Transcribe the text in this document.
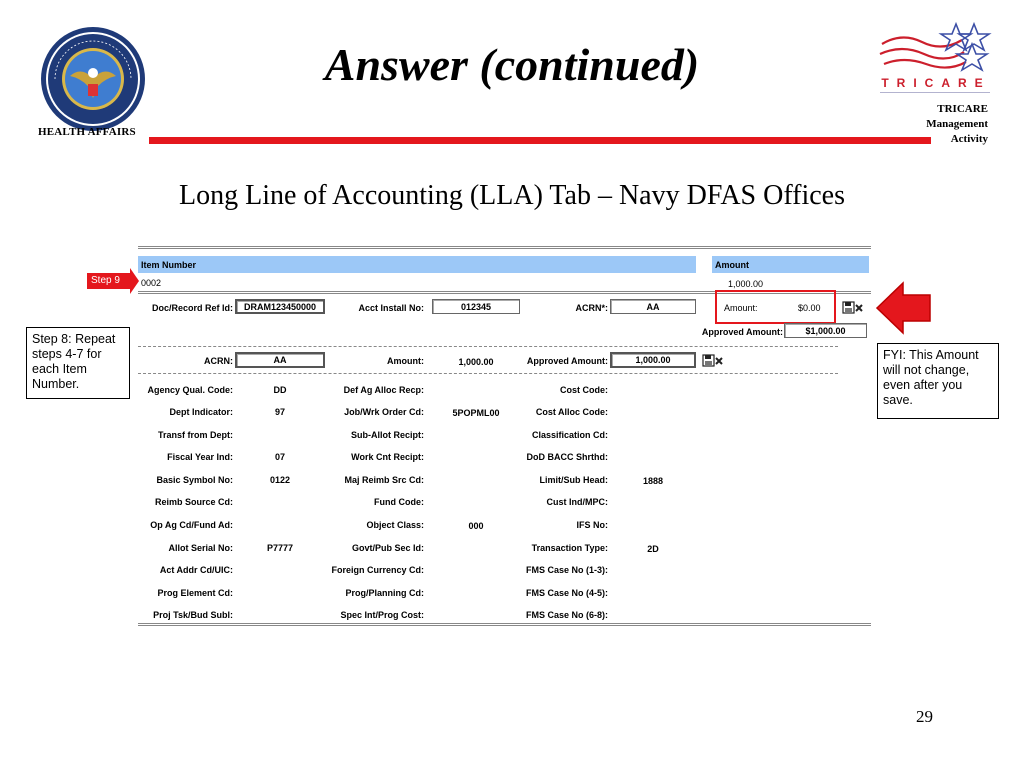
HEALTH AFFAIRS
Answer (continued)	TRICARE
TRICARE
Management
Activity
Long Line of Accounting (LLA) Tab – Navy DFAS Offices
Item Number	Amount
0002	1,000.00
Doc/Record Ref Id:	DRAM123450000	Acct Install No:	012345	ACRN*:	AA	Amount:	$0.00
Approved Amount:	$1,000.00
ACRN:	AA	Amount:	1,000.00	Approved Amount:	1,000.00
Agency Qual. Code:	DD	Def Ag Alloc Recp:	Cost Code:
Dept Indicator:	97	Job/Wrk Order Cd:	5POPML00	Cost Alloc Code:
Transf from Dept:	Sub-Allot Recipt:	Classification Cd:
Fiscal Year Ind:	07	Work Cnt Recipt:	DoD BACC Shrthd:
Basic Symbol No:	0122	Maj Reimb Src Cd:	Limit/Sub Head:	1888
Reimb Source Cd:	Fund Code:	Cust Ind/MPC:
Op Ag Cd/Fund Ad:	Object Class:	000	IFS No:
Allot Serial No:	P7777	Govt/Pub Sec Id:	Transaction Type:	2D
Act Addr Cd/UIC:	Foreign Currency Cd:	FMS Case No (1-3):
Prog Element Cd:	Prog/Planning Cd:	FMS Case No (4-5):
Proj Tsk/Bud Subl:	Spec Int/Prog Cost:	FMS Case No (6-8):
Step 9
Step 8: Repeat steps 4-7 for each Item Number.
FYI: This Amount will not change, even after you save.
29
